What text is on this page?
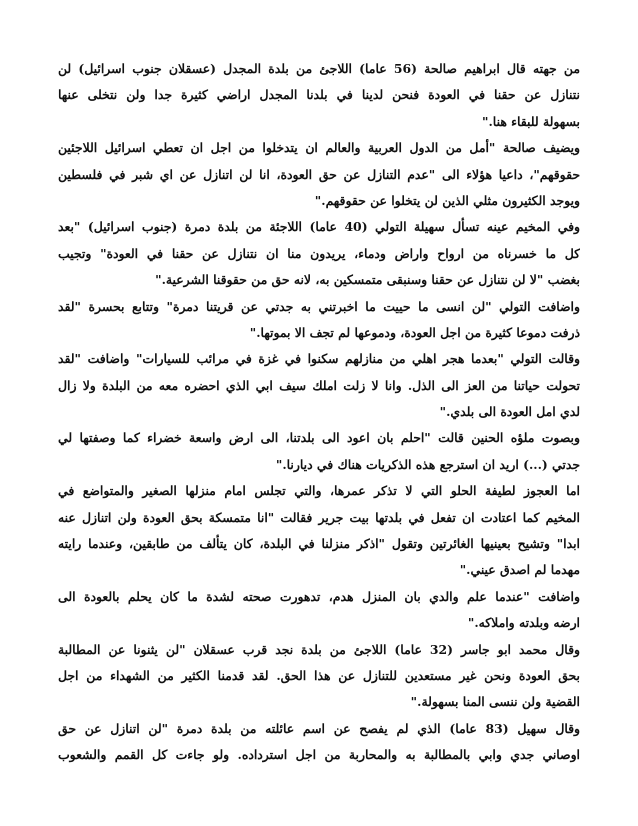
من جهته قال ابراهيم صالحة (56 عاما) اللاجئ من بلدة المجدل (عسقلان جنوب اسرائيل) لن
نتنازل عن حقنا في العودة فنحن لدينا في بلدنا المجدل اراضي كثيرة جدا ولن نتخلى عنها
بسهولة للبقاء هنا."
ويضيف صالحة "أمل من الدول العربية والعالم ان يتدخلوا من اجل ان تعطي اسرائيل اللاجئين
حقوقهم"، داعيا هؤلاء الى "عدم التنازل عن حق العودة، انا لن اتنازل عن اي شبر في فلسطين
ويوجد الكثيرون مثلي الذين لن يتخلوا عن حقوقهم."
وفي المخيم عينه تسأل سهيلة التولي (40 عاما) اللاجئة من بلدة دمرة (جنوب اسرائيل) "بعد
كل ما خسرناه من ارواح واراض ودماء، يريدون منا ان نتنازل عن حقنا في العودة" وتجيب
بغضب "لا لن نتنازل عن حقنا وسنبقى متمسكين به، لانه حق من حقوقنا الشرعية."
واضافت التولي "لن انسى ما حييت ما اخبرتني به جدتي عن قريتنا دمرة" وتتابع بحسرة "لقد
ذرفت دموعا كثيرة من اجل العودة، ودموعها لم تجف الا بموتها."
وقالت التولي "بعدما هجر اهلي من منازلهم سكنوا في غزة في مرائب للسيارات" واضافت "لقد
تحولت حياتنا من العز الى الذل. وانا لا زلت املك سيف ابي الذي احضره معه من البلدة ولا زال
لدي امل العودة الى بلدي."
وبصوت ملؤه الحنين قالت "احلم بان اعود الى بلدتنا، الى ارض واسعة خضراء كما وصفتها لي
جدتي (...) اريد ان استرجع هذه الذكريات هناك في ديارنا."
اما العجوز لطيفة الحلو التي لا تذكر عمرها، والتي تجلس امام منزلها الصغير والمتواضع في
المخيم كما اعتادت ان تفعل في بلدتها بيت جرير فقالت "انا متمسكة بحق العودة ولن اتنازل عنه
ابدا" وتشيح بعينيها الغائرتين وتقول "اذكر منزلنا في البلدة، كان يتألف من طابقين، وعندما رايته
مهدما لم اصدق عيني."
واضافت "عندما علم والدي بان المنزل هدم، تدهورت صحته لشدة ما كان يحلم بالعودة الى
ارضه وبلدته واملاكه."
وقال محمد ابو جاسر (32 عاما) اللاجئ من بلدة نجد قرب عسقلان "لن يثنونا عن المطالبة
بحق العودة ونحن غير مستعدين للتنازل عن هذا الحق. لقد قدمنا الكثير من الشهداء من اجل
القضية ولن ننسى المنا بسهولة."
وقال سهيل (83 عاما) الذي لم يفصح عن اسم عائلته من بلدة دمرة "لن اتنازل عن حق
اوصاني جدي وابي بالمطالبة به والمحاربة من اجل استرداده. ولو جاءت كل القمم والشعوب
